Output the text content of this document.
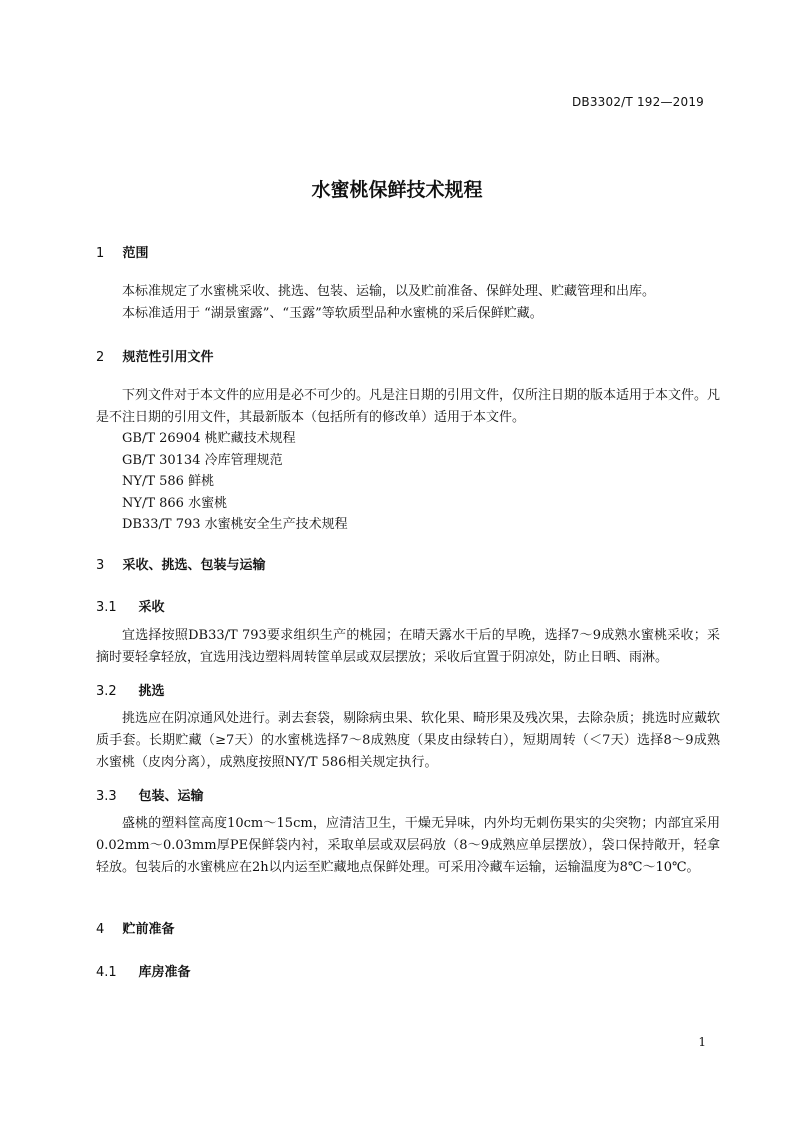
DB3302/T 192—2019
水蜜桃保鲜技术规程
1 范围
本标准规定了水蜜桃采收、挑选、包装、运输，以及贮前准备、保鲜处理、贮藏管理和出库。
本标准适用于 “湖景蜜露”、“玉露”等软质型品种水蜜桃的采后保鲜贮藏。
2 规范性引用文件
下列文件对于本文件的应用是必不可少的。凡是注日期的引用文件，仅所注日期的版本适用于本文件。凡是不注日期的引用文件，其最新版本（包括所有的修改单）适用于本文件。
GB/T 26904 桃贮藏技术规程
GB/T 30134 冷库管理规范
NY/T 586 鲜桃
NY/T 866 水蜜桃
DB33/T 793 水蜜桃安全生产技术规程
3 采收、挑选、包装与运输
3.1 采收
宜选择按照DB33/T 793要求组织生产的桃园；在晴天露水干后的早晚，选择7～9成熟水蜜桃采收；采摘时要轻拿轻放，宜选用浅边塑料周转筐单层或双层摆放；采收后宜置于阴凉处，防止日晒、雨淋。
3.2 挑选
挑选应在阴凉通风处进行。剥去套袋，剔除病虫果、软化果、畸形果及残次果，去除杂质；挑选时应戴软质手套。长期贮藏（≥7天）的水蜜桃选择7～8成熟度（果皮由绿转白），短期周转（＜7天）选择8～9成熟水蜜桃（皮肉分离），成熟度按照NY/T 586相关规定执行。
3.3 包装、运输
盛桃的塑料筐高度10cm～15cm，应清洁卫生，干燥无异味，内外均无刺伤果实的尖突物；内部宜采用0.02mm～0.03mm厚PE保鲜袋内衬，采取单层或双层码放（8～9成熟应单层摆放），袋口保持敞开，轻拿轻放。包装后的水蜜桃应在2h以内运至贮藏地点保鲜处理。可采用冷藏车运输，运输温度为8℃～10℃。
4 贮前准备
4.1 库房准备
1
